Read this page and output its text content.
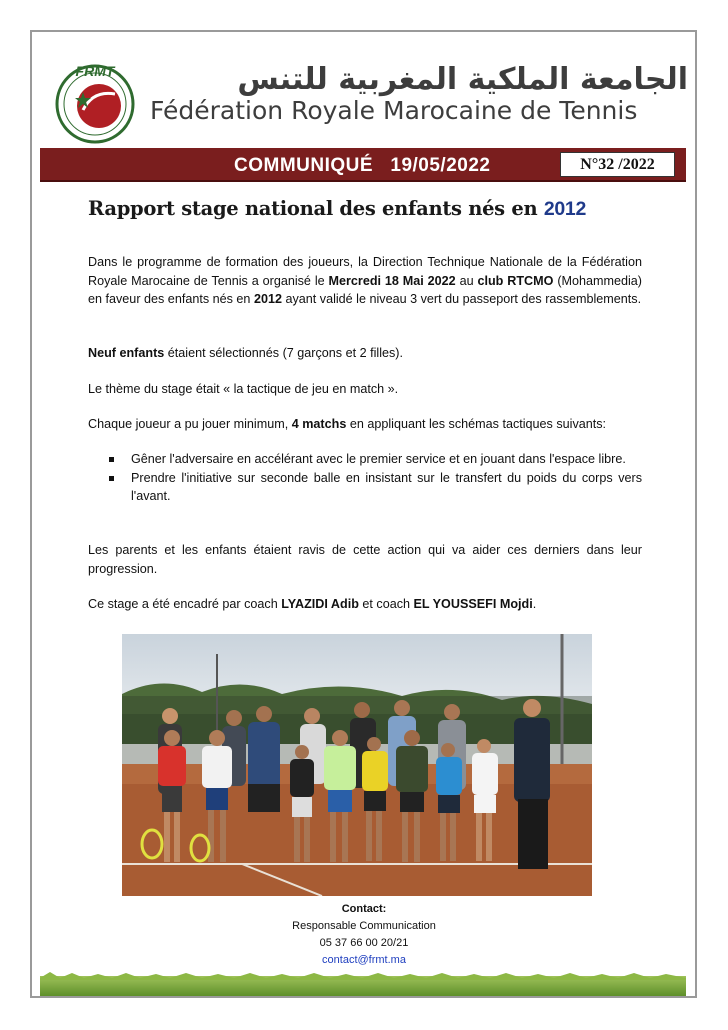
FRMT	الجامعة الملكية المغربية للتنس
Fédération Royale Marocaine de Tennis
COMMUNIQUÉ   19/05/2022	N°32 /2022
Rapport stage national des enfants nés en 2012
Dans le programme de formation des joueurs, la Direction Technique Nationale de la Fédération Royale Marocaine de Tennis a organisé le Mercredi 18 Mai 2022 au club RTCMO (Mohammedia) en faveur des enfants nés en 2012 ayant validé le niveau 3 vert du passeport des rassemblements.
Neuf enfants étaient sélectionnés (7 garçons et 2 filles).
Le thème du stage était « la tactique de jeu en match ».
Chaque joueur a pu jouer minimum, 4 matchs en appliquant les schémas tactiques suivants:
Gêner l'adversaire en accélérant avec le premier service et en jouant dans l'espace libre.
Prendre l'initiative sur seconde balle en insistant sur le transfert du poids du corps vers l'avant.
Les parents et les enfants étaient ravis de cette action qui va aider ces derniers dans leur progression.
Ce stage a été encadré par coach LYAZIDI Adib et coach EL YOUSSEFI Mojdi.
Contact:
Responsable Communication
05 37 66 00 20/21
contact@frmt.ma
